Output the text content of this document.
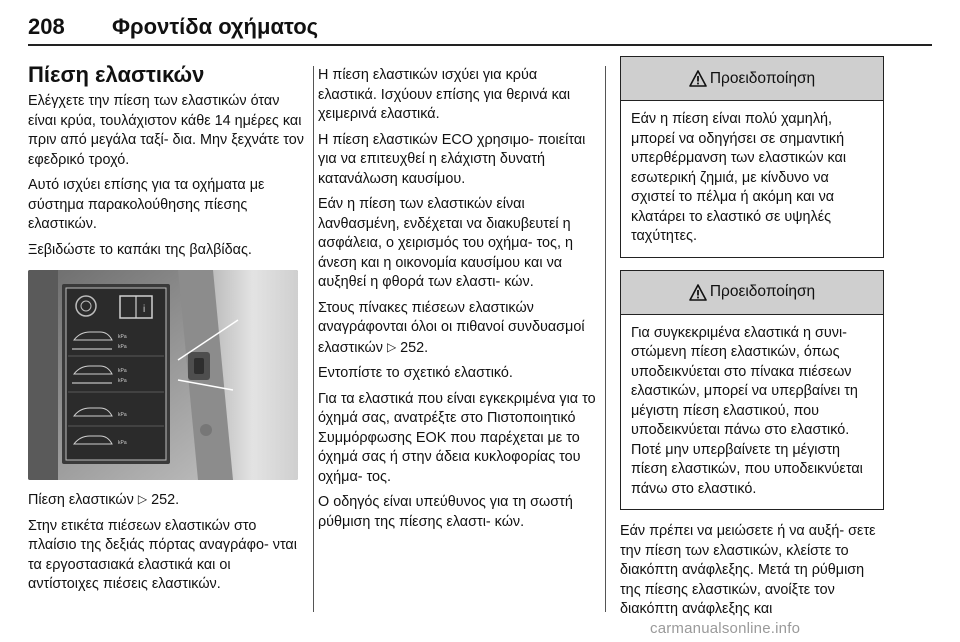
208	Φροντίδα οχήματος
Πίεση ελαστικών

Ελέγχετε την πίεση των ελαστικών όταν είναι κρύα, τουλάχιστον κάθε 14 ημέρες και πριν από μεγάλα ταξί- δια. Μην ξεχνάτε τον εφεδρικό τροχό.

Αυτό ισχύει επίσης για τα οχήματα με σύστημα παρακολούθησης πίεσης ελαστικών.

Ξεβιδώστε το καπάκι της βαλβίδας.

i
kPa
kPa
kPa
kPa
kPa
kPa

Πίεση ελαστικών ▷ 252.

Στην ετικέτα πιέσεων ελαστικών στο πλαίσιο της δεξιάς πόρτας αναγράφο- νται τα εργοστασιακά ελαστικά και οι αντίστοιχες πιέσεις ελαστικών.

Η πίεση ελαστικών ισχύει για κρύα ελαστικά. Ισχύουν επίσης για θερινά και χειμερινά ελαστικά.

Η πίεση ελαστικών ECO χρησιμο- ποιείται για να επιτευχθεί η ελάχιστη δυνατή κατανάλωση καυσίμου.

Εάν η πίεση των ελαστικών είναι λανθασμένη, ενδέχεται να διακυβευτεί η ασφάλεια, ο χειρισμός του οχήμα- τος, η άνεση και η οικονομία καυσίμου και να αυξηθεί η φθορά των ελαστι- κών.

Στους πίνακες πιέσεων ελαστικών αναγράφονται όλοι οι πιθανοί συνδυασμοί ελαστικών ▷ 252.

Εντοπίστε το σχετικό ελαστικό.

Για τα ελαστικά που είναι εγκεκριμένα για το όχημά σας, ανατρέξτε στο Πιστοποιητικό Συμμόρφωσης ΕΟΚ που παρέχεται με το όχημά σας ή στην άδεια κυκλοφορίας του οχήμα- τος.

Ο οδηγός είναι υπεύθυνος για τη σωστή ρύθμιση της πίεσης ελαστι- κών.

Προειδοποίηση
Εάν η πίεση είναι πολύ χαμηλή, μπορεί να οδηγήσει σε σημαντική υπερθέρμανση των ελαστικών και εσωτερική ζημιά, με κίνδυνο να σχιστεί το πέλμα ή ακόμη και να κλατάρει το ελαστικό σε υψηλές ταχύτητες.
Προειδοποίηση
Για συγκεκριμένα ελαστικά η συνι- στώμενη πίεση ελαστικών, όπως υποδεικνύεται στο πίνακα πιέσεων ελαστικών, μπορεί να υπερβαίνει τη μέγιστη πίεση ελαστικού, που υποδεικνύεται πάνω στο ελαστικό. Ποτέ μην υπερβαίνετε τη μέγιστη πίεση ελαστικών, που υποδεικνύεται πάνω στο ελαστικό.

Εάν πρέπει να μειώσετε ή να αυξή- σετε την πίεση των ελαστικών, κλείστε το διακόπτη ανάφλεξης. Μετά τη ρύθμιση της πίεσης ελαστικών, ανοίξτε τον διακόπτη ανάφλεξης και

carmanualsonline.info
